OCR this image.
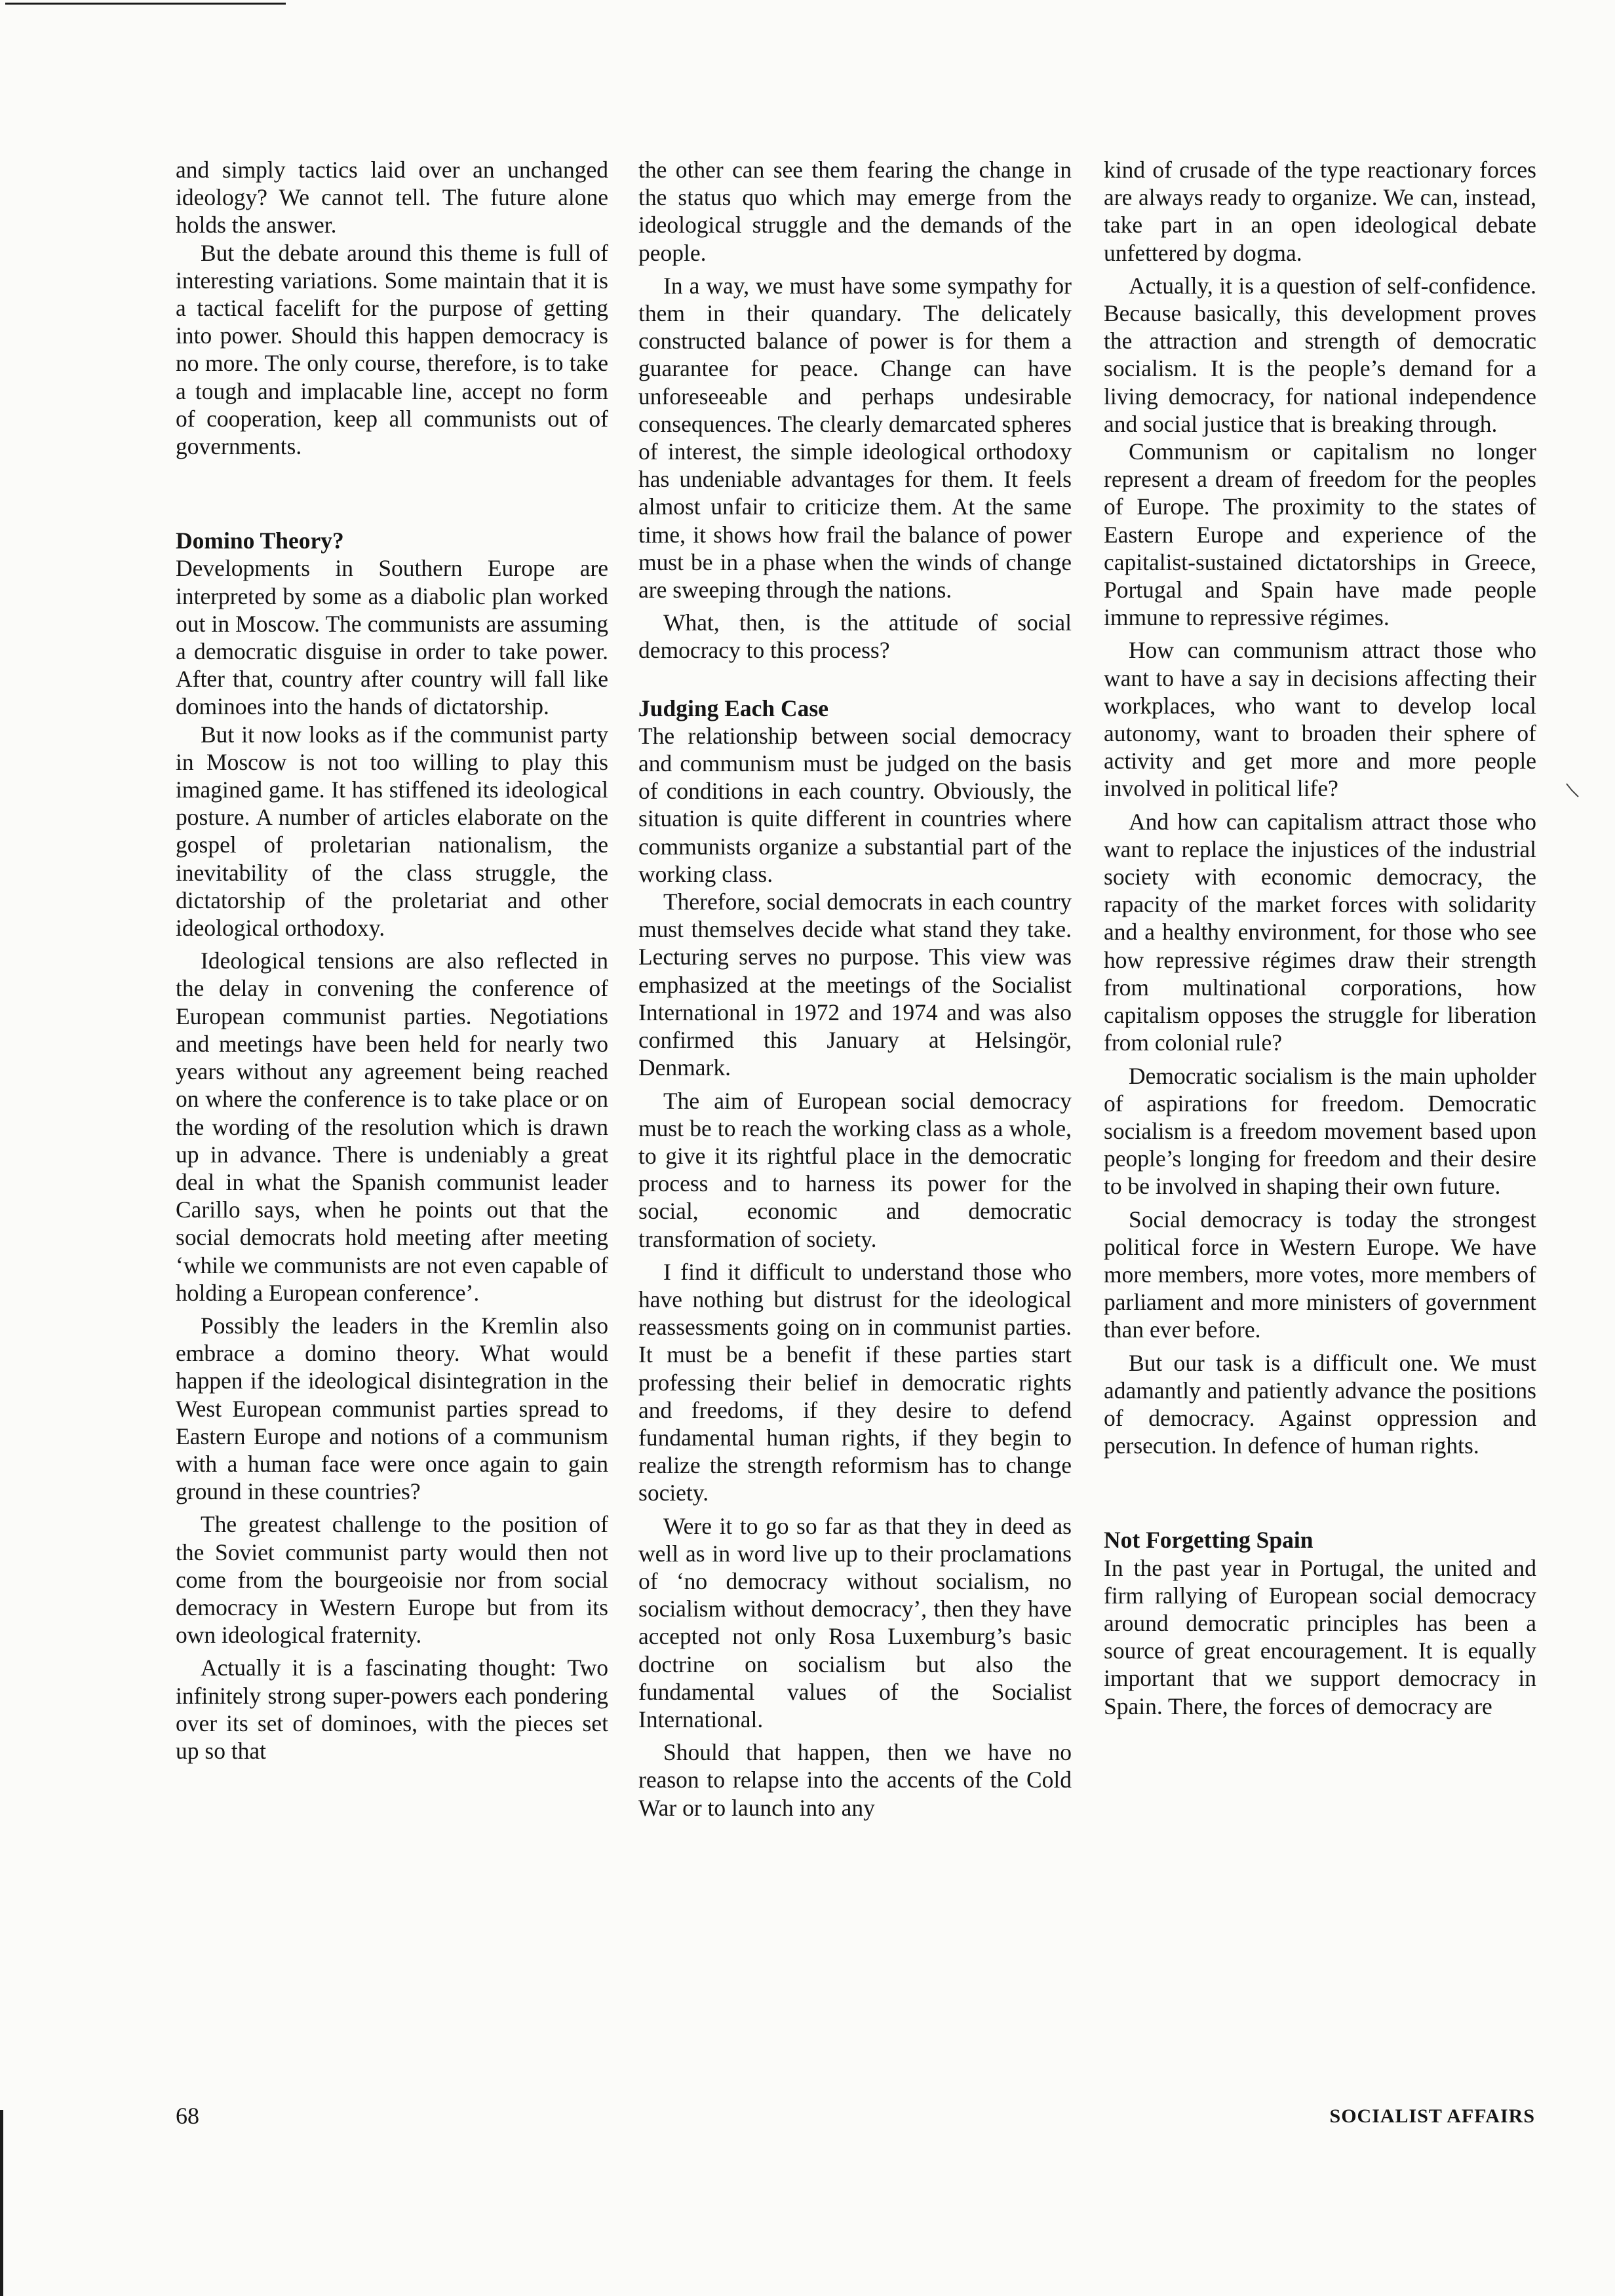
and simply tactics laid over an unchanged ideology? We cannot tell. The future alone holds the answer.

But the debate around this theme is full of interesting variations. Some maintain that it is a tactical facelift for the purpose of getting into power. Should this happen democracy is no more. The only course, therefore, is to take a tough and implacable line, accept no form of cooperation, keep all communists out of governments.

Domino Theory?

Developments in Southern Europe are interpreted by some as a diabolic plan worked out in Moscow. The communists are assuming a democratic disguise in order to take power. After that, country after country will fall like dominoes into the hands of dictatorship.

But it now looks as if the communist party in Moscow is not too willing to play this imagined game. It has stiffened its ideological posture. A number of articles elaborate on the gospel of proletarian nationalism, the inevitability of the class struggle, the dictatorship of the proletariat and other ideological orthodoxy.

Ideological tensions are also reflected in the delay in convening the conference of European communist parties. Negotiations and meetings have been held for nearly two years without any agreement being reached on where the conference is to take place or on the wording of the resolution which is drawn up in advance. There is undeniably a great deal in what the Spanish communist leader Carillo says, when he points out that the social democrats hold meeting after meeting ‘while we communists are not even capable of holding a European conference’.

Possibly the leaders in the Kremlin also embrace a domino theory. What would happen if the ideological disintegration in the West European communist parties spread to Eastern Europe and notions of a communism with a human face were once again to gain ground in these countries?

The greatest challenge to the position of the Soviet communist party would then not come from the bourgeoisie nor from social democracy in Western Europe but from its own ideological fraternity.

Actually it is a fascinating thought: Two infinitely strong super-powers each pondering over its set of dominoes, with the pieces set up so that

the other can see them fearing the change in the status quo which may emerge from the ideological struggle and the demands of the people.

In a way, we must have some sympathy for them in their quandary. The delicately constructed balance of power is for them a guarantee for peace. Change can have unforeseeable and perhaps undesirable consequences. The clearly demarcated spheres of interest, the simple ideological orthodoxy has undeniable advantages for them. It feels almost unfair to criticize them. At the same time, it shows how frail the balance of power must be in a phase when the winds of change are sweeping through the nations.

What, then, is the attitude of social democracy to this process?

Judging Each Case

The relationship between social democracy and communism must be judged on the basis of conditions in each country. Obviously, the situation is quite different in countries where communists organize a substantial part of the working class.

Therefore, social democrats in each country must themselves decide what stand they take. Lecturing serves no purpose. This view was emphasized at the meetings of the Socialist International in 1972 and 1974 and was also confirmed this January at Helsingör, Denmark.

The aim of European social democracy must be to reach the working class as a whole, to give it its rightful place in the democratic process and to harness its power for the social, economic and democratic transformation of society.

I find it difficult to understand those who have nothing but distrust for the ideological reassessments going on in communist parties. It must be a benefit if these parties start professing their belief in democratic rights and freedoms, if they desire to defend fundamental human rights, if they begin to realize the strength reformism has to change society.

Were it to go so far as that they in deed as well as in word live up to their proclamations of ‘no democracy without socialism, no socialism without democracy’, then they have accepted not only Rosa Luxemburg’s basic doctrine on socialism but also the fundamental values of the Socialist International.

Should that happen, then we have no reason to relapse into the accents of the Cold War or to launch into any

kind of crusade of the type reactionary forces are always ready to organize. We can, instead, take part in an open ideological debate unfettered by dogma.

Actually, it is a question of self-confidence. Because basically, this development proves the attraction and strength of democratic socialism. It is the people’s demand for a living democracy, for national independence and social justice that is breaking through.

Communism or capitalism no longer represent a dream of freedom for the peoples of Europe. The proximity to the states of Eastern Europe and experience of the capitalist-sustained dictatorships in Greece, Portugal and Spain have made people immune to repressive régimes.

How can communism attract those who want to have a say in decisions affecting their workplaces, who want to develop local autonomy, want to broaden their sphere of activity and get more and more people involved in political life?

And how can capitalism attract those who want to replace the injustices of the industrial society with economic democracy, the rapacity of the market forces with solidarity and a healthy environment, for those who see how repressive régimes draw their strength from multinational corporations, how capitalism opposes the struggle for liberation from colonial rule?

Democratic socialism is the main upholder of aspirations for freedom. Democratic socialism is a freedom movement based upon people’s longing for freedom and their desire to be involved in shaping their own future.

Social democracy is today the strongest political force in Western Europe. We have more members, more votes, more members of parliament and more ministers of government than ever before.

But our task is a difficult one. We must adamantly and patiently advance the positions of democracy. Against oppression and persecution. In defence of human rights.

Not Forgetting Spain

In the past year in Portugal, the united and firm rallying of European social democracy around democratic principles has been a source of great encouragement. It is equally important that we support democracy in Spain. There, the forces of democracy are

68	SOCIALIST AFFAIRS
